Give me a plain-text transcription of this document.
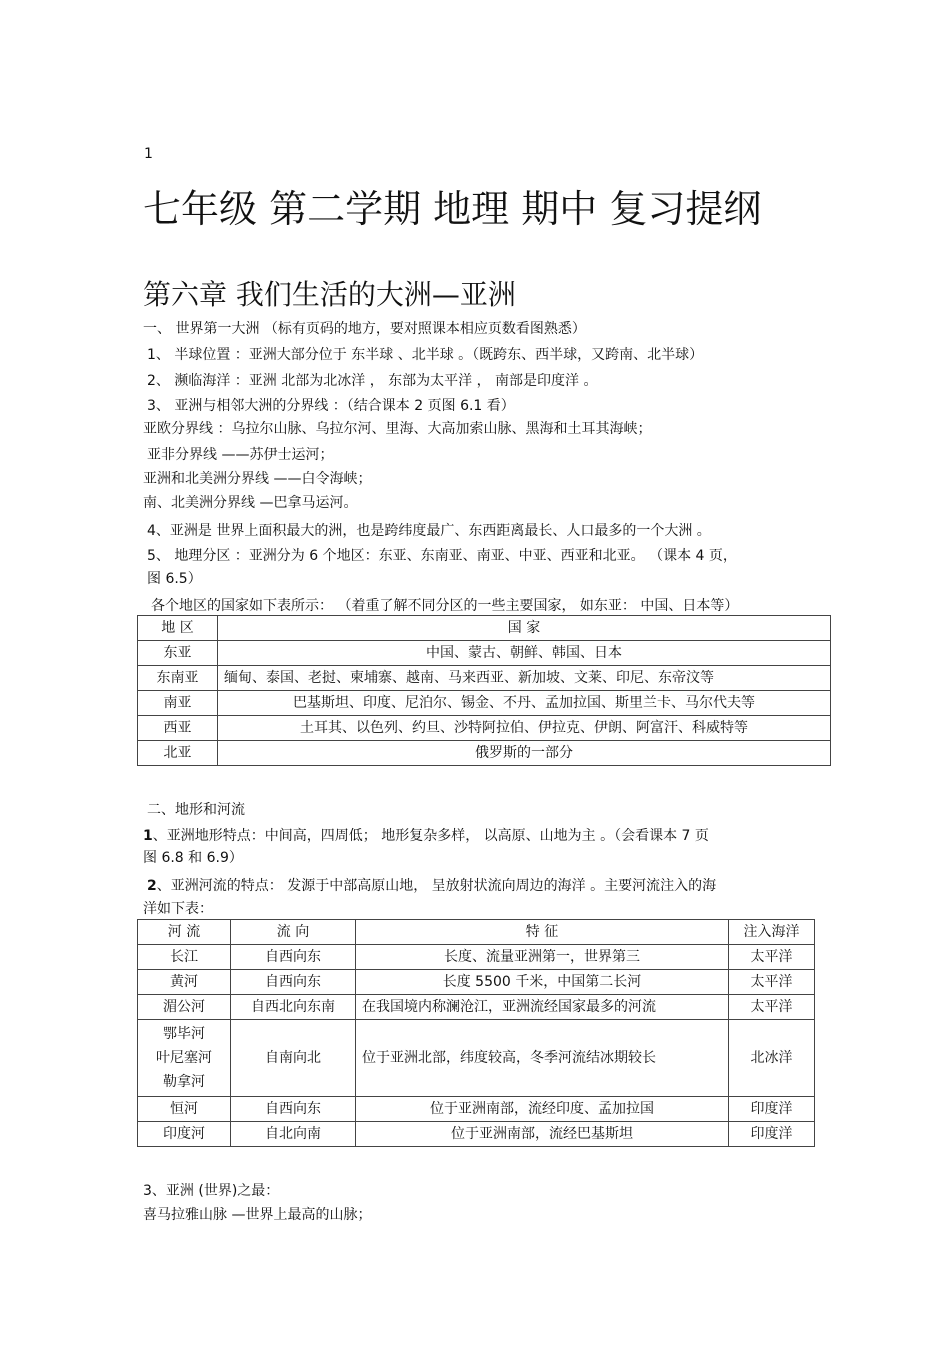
1
七年级 第二学期 地理 期中 复习提纲
第六章 我们生活的大洲—亚洲
一、 世界第一大洲 （标有页码的地方，要对照课本相应页数看图熟悉）
1、 半球位置 ：亚洲大部分位于 东半球 、北半球 。（既跨东、西半球，又跨南、北半球）
2、 濒临海洋 ：亚洲 北部为北冰洋 ， 东部为太平洋 ， 南部是印度洋 。
3、 亚洲与相邻大洲的分界线 ：（结合课本 2 页图 6.1 看）
亚欧分界线 ：乌拉尔山脉、乌拉尔河、里海、大高加索山脉、黑海和土耳其海峡；
亚非分界线 ——苏伊士运河；
亚洲和北美洲分界线 ——白令海峡；
南、北美洲分界线 —巴拿马运河。
4、亚洲是 世界上面积最大的洲，也是跨纬度最广、东西距离最长、人口最多的一个大洲 。
5、 地理分区 ：亚洲分为 6 个地区：东亚、东南亚、南亚、中亚、西亚和北亚。 （课本 4 页，
图 6.5）
各个地区的国家如下表所示： （着重了解不同分区的一些主要国家， 如东亚： 中国、日本等）
地 区	国 家
东亚	中国、蒙古、朝鲜、韩国、日本
东南亚	缅甸、泰国、老挝、柬埔寨、越南、马来西亚、新加坡、文莱、印尼、东帝汶等
南亚	巴基斯坦、印度、尼泊尔、锡金、不丹、孟加拉国、斯里兰卡、马尔代夫等
西亚	土耳其、以色列、约旦、沙特阿拉伯、伊拉克、伊朗、阿富汗、科威特等
北亚	俄罗斯的一部分
二、地形和河流
1、亚洲地形特点：中间高，四周低； 地形复杂多样， 以高原、山地为主 。（会看课本 7 页
图 6.8 和 6.9）
2、亚洲河流的特点： 发源于中部高原山地， 呈放射状流向周边的海洋 。主要河流注入的海
洋如下表：
河 流	流 向	特 征	注入海洋
长江	自西向东	长度、流量亚洲第一，世界第三	太平洋
黄河	自西向东	长度 5500 千米，中国第二长河	太平洋
湄公河	自西北向东南	在我国境内称澜沧江，亚洲流经国家最多的河流	太平洋

鄂毕河
叶尼塞河
勒拿河	自南向北	位于亚洲北部，纬度较高，冬季河流结冰期较长	北冰洋
恒河	自西向东	位于亚洲南部，流经印度、孟加拉国	印度洋
印度河	自北向南	位于亚洲南部，流经巴基斯坦	印度洋
3、亚洲 (世界)之最：
喜马拉雅山脉 —世界上最高的山脉；
